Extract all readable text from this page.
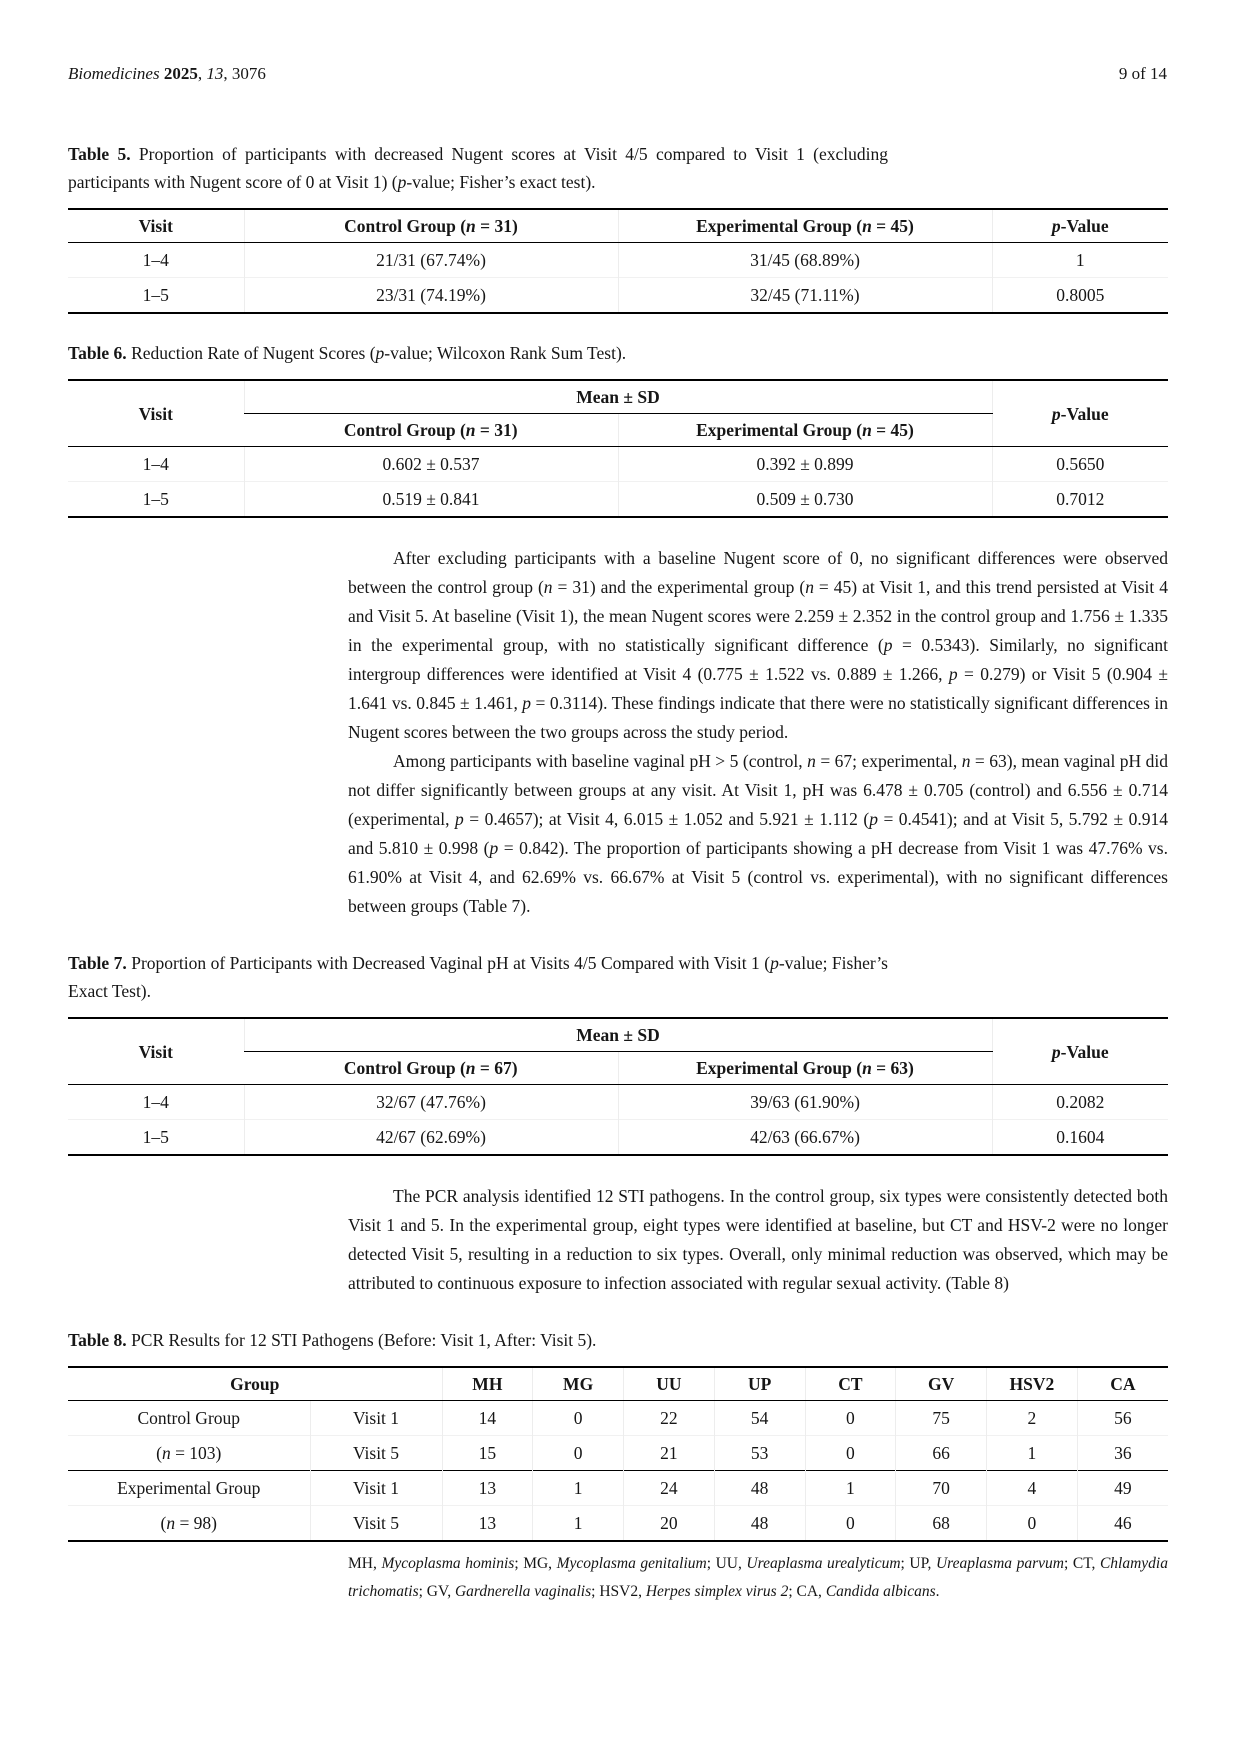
Biomedicines 2025, 13, 3076	9 of 14
Table 5. Proportion of participants with decreased Nugent scores at Visit 4/5 compared to Visit 1 (excluding participants with Nugent score of 0 at Visit 1) (p-value; Fisher’s exact test).
Visit	Control Group (n = 31)	Experimental Group (n = 45)	p-Value
1–4	21/31 (67.74%)	31/45 (68.89%)	1
1–5	23/31 (74.19%)	32/45 (71.11%)	0.8005
Table 6. Reduction Rate of Nugent Scores (p-value; Wilcoxon Rank Sum Test).
Visit	Mean ± SD		p-Value
	Control Group (n = 31)	Experimental Group (n = 45)	
1–4	0.602 ± 0.537	0.392 ± 0.899	0.5650
1–5	0.519 ± 0.841	0.509 ± 0.730	0.7012

After excluding participants with a baseline Nugent score of 0, no significant differences were observed between the control group (n = 31) and the experimental group (n = 45) at Visit 1, and this trend persisted at Visit 4 and Visit 5. At baseline (Visit 1), the mean Nugent scores were 2.259 ± 2.352 in the control group and 1.756 ± 1.335 in the experimental group, with no statistically significant difference (p = 0.5343). Similarly, no significant intergroup differences were identified at Visit 4 (0.775 ± 1.522 vs. 0.889 ± 1.266, p = 0.279) or Visit 5 (0.904 ± 1.641 vs. 0.845 ± 1.461, p = 0.3114). These findings indicate that there were no statistically significant differences in Nugent scores between the two groups across the study period.

Among participants with baseline vaginal pH > 5 (control, n = 67; experimental, n = 63), mean vaginal pH did not differ significantly between groups at any visit. At Visit 1, pH was 6.478 ± 0.705 (control) and 6.556 ± 0.714 (experimental, p = 0.4657); at Visit 4, 6.015 ± 1.052 and 5.921 ± 1.112 (p = 0.4541); and at Visit 5, 5.792 ± 0.914 and 5.810 ± 0.998 (p = 0.842). The proportion of participants showing a pH decrease from Visit 1 was 47.76% vs. 61.90% at Visit 4, and 62.69% vs. 66.67% at Visit 5 (control vs. experimental), with no significant differences between groups (Table 7).

Table 7. Proportion of Participants with Decreased Vaginal pH at Visits 4/5 Compared with Visit 1 (p-value; Fisher’s Exact Test).
Visit	Mean ± SD		p-Value
	Control Group (n = 67)	Experimental Group (n = 63)	
1–4	32/67 (47.76%)	39/63 (61.90%)	0.2082
1–5	42/67 (62.69%)	42/63 (66.67%)	0.1604

The PCR analysis identified 12 STI pathogens. In the control group, six types were consistently detected both Visit 1 and 5. In the experimental group, eight types were identified at baseline, but CT and HSV-2 were no longer detected Visit 5, resulting in a reduction to six types. Overall, only minimal reduction was observed, which may be attributed to continuous exposure to infection associated with regular sexual activity. (Table 8)

Table 8. PCR Results for 12 STI Pathogens (Before: Visit 1, After: Visit 5).
Group		MH	MG	UU	UP	CT	GV	HSV2	CA
Control Group	Visit 1	14	0	22	54	0	75	2	56
(n = 103)	Visit 5	15	0	21	53	0	66	1	36
Experimental Group	Visit 1	13	1	24	48	1	70	4	49
(n = 98)	Visit 5	13	1	20	48	0	68	0	46
MH, Mycoplasma hominis; MG, Mycoplasma genitalium; UU, Ureaplasma urealyticum; UP, Ureaplasma parvum; CT, Chlamydia trichomatis; GV, Gardnerella vaginalis; HSV2, Herpes simplex virus 2; CA, Candida albicans.
